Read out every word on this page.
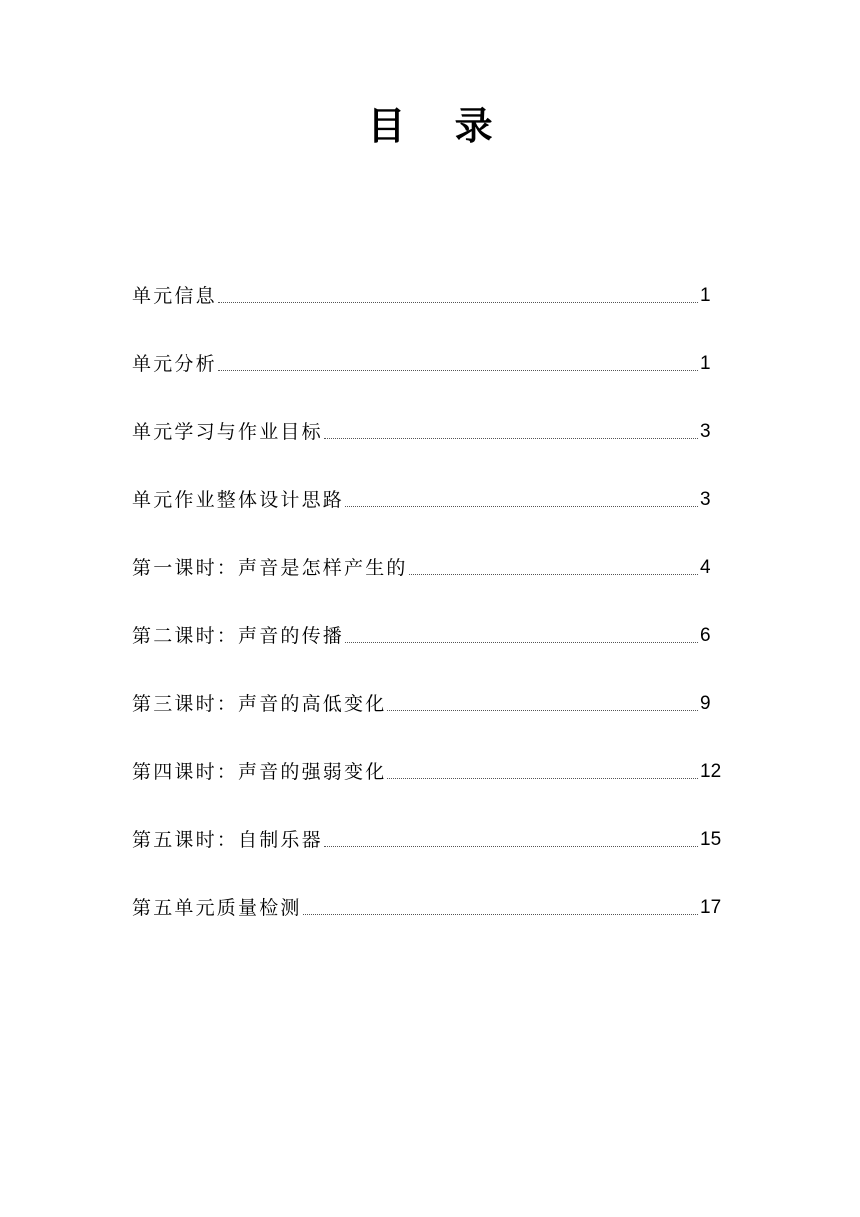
目 录
单元信息	1
单元分析	1
单元学习与作业目标	3
单元作业整体设计思路	3
第一课时：声音是怎样产生的	4
第二课时：声音的传播	6
第三课时：声音的高低变化	9
第四课时：声音的强弱变化	12
第五课时：自制乐器	15
第五单元质量检测	17
